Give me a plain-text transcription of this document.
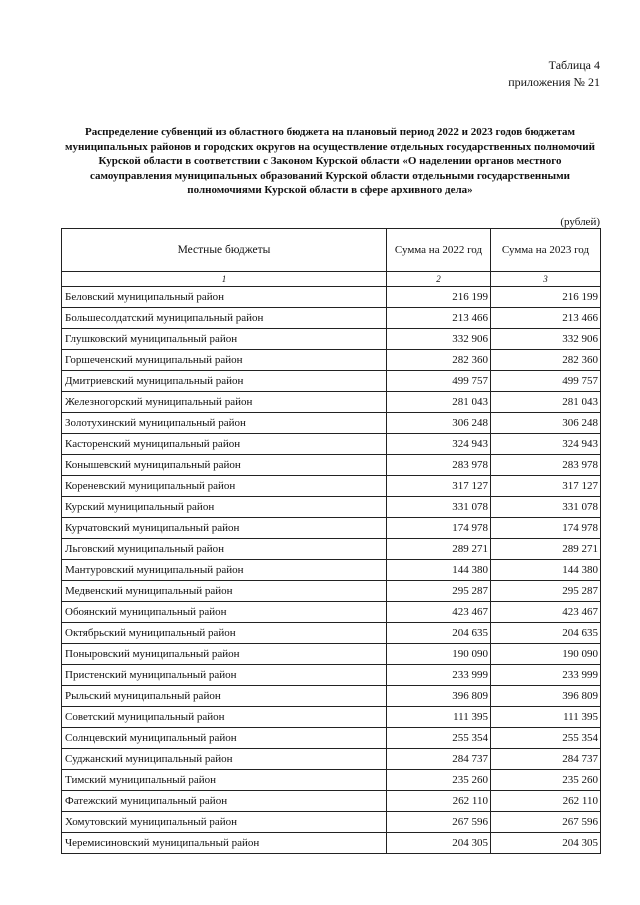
Таблица 4
приложения № 21
Распределение субвенций из областного бюджета на плановый период 2022 и 2023 годов бюджетам муниципальных районов и городских округов на осуществление отдельных государственных полномочий Курской области в соответствии с Законом Курской области «О наделении органов местного самоуправления муниципальных образований Курской области отдельными государственными полномочиями Курской области в сфере архивного дела»
(рублей)
Местные бюджеты	Сумма на 2022 год	Сумма на 2023 год
1	2	3
Беловский муниципальный район	216 199	216 199
Большесолдатский муниципальный район	213 466	213 466
Глушковский муниципальный район	332 906	332 906
Горшеченский муниципальный район	282 360	282 360
Дмитриевский муниципальный район	499 757	499 757
Железногорский муниципальный район	281 043	281 043
Золотухинский муниципальный район	306 248	306 248
Касторенский муниципальный район	324 943	324 943
Конышевский муниципальный район	283 978	283 978
Кореневский муниципальный район	317 127	317 127
Курский муниципальный район	331 078	331 078
Курчатовский муниципальный район	174 978	174 978
Льговский муниципальный район	289 271	289 271
Мантуровский муниципальный район	144 380	144 380
Медвенский муниципальный район	295 287	295 287
Обоянский муниципальный район	423 467	423 467
Октябрьский муниципальный район	204 635	204 635
Поныровский муниципальный район	190 090	190 090
Пристенский муниципальный район	233 999	233 999
Рыльский муниципальный район	396 809	396 809
Советский муниципальный район	111 395	111 395
Солнцевский муниципальный район	255 354	255 354
Суджанский муниципальный район	284 737	284 737
Тимский муниципальный район	235 260	235 260
Фатежский муниципальный район	262 110	262 110
Хомутовский муниципальный район	267 596	267 596
Черемисиновский муниципальный район	204 305	204 305
